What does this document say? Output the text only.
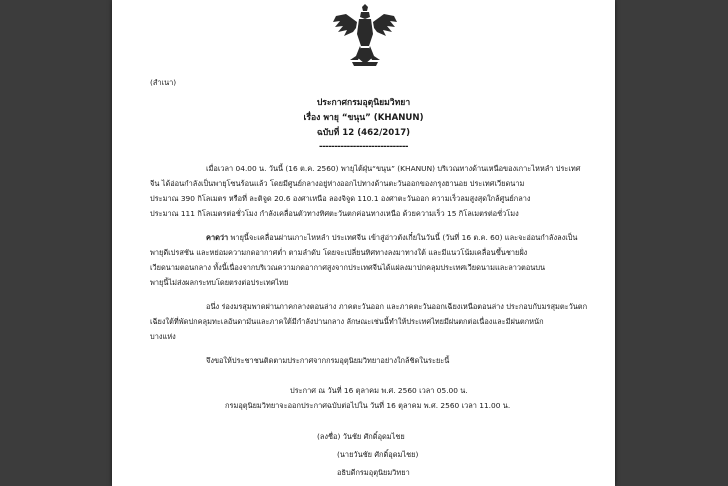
(สำเนา)
ประกาศกรมอุตุนิยมวิทยา
เรื่อง พายุ “ขนุน” (KHANUN)
ฉบับที่ 12 (462/2017)
-----------------------------
เมื่อเวลา 04.00 น. วันนี้ (16 ต.ค. 2560) พายุไต้ฝุ่น“ขนุน” (KHANUN) บริเวณทางด้านเหนือของเกาะไหหลำ ประเทศ
จีน ได้อ่อนกำลังเป็นพายุโซนร้อนแล้ว โดยมีศูนย์กลางอยู่ห่างออกไปทางด้านตะวันออกของกรุงฮานอย ประเทศเวียดนาม
ประมาณ 390 กิโลเมตร หรือที่ ละติจูด 20.6 องศาเหนือ ลองจิจูด 110.1 องศาตะวันออก ความเร็วลมสูงสุดใกล้ศูนย์กลาง
ประมาณ 111 กิโลเมตรต่อชั่วโมง กำลังเคลื่อนตัวทางทิศตะวันตกค่อนทางเหนือ ด้วยความเร็ว 15 กิโลเมตรต่อชั่วโมง
คาดว่า พายุนี้จะเคลื่อนผ่านเกาะไหหลำ ประเทศจีน เข้าสู่อ่าวตังเกี๋ยในวันนี้ (วันที่ 16 ต.ค. 60) และจะอ่อนกำลังลงเป็น
พายุดีเปรสชัน และหย่อมความกดอากาศต่ำ ตามลำดับ โดยจะเปลี่ยนทิศทางลงมาทางใต้ และมีแนวโน้มเคลื่อนขึ้นชายฝั่ง
เวียดนามตอนกลาง ทั้งนี้เนื่องจากบริเวณความกดอากาศสูงจากประเทศจีนได้แผ่ลงมาปกคลุมประเทศเวียดนามและลาวตอนบน
พายุนี้ไม่ส่งผลกระทบโดยตรงต่อประเทศไทย
อนึ่ง ร่องมรสุมพาดผ่านภาคกลางตอนล่าง ภาคตะวันออก และภาคตะวันออกเฉียงเหนือตอนล่าง ประกอบกับมรสุมตะวันตก
เฉียงใต้ที่พัดปกคลุมทะเลอันดามันและภาคใต้มีกำลังปานกลาง ลักษณะเช่นนี้ทำให้ประเทศไทยมีฝนตกต่อเนื่องและมีฝนตกหนัก
บางแห่ง
จึงขอให้ประชาชนติดตามประกาศจากกรมอุตุนิยมวิทยาอย่างใกล้ชิดในระยะนี้
ประกาศ ณ วันที่ 16 ตุลาคม พ.ศ. 2560 เวลา 05.00 น.
กรมอุตุนิยมวิทยาจะออกประกาศฉบับต่อไปใน วันที่ 16 ตุลาคม พ.ศ. 2560 เวลา 11.00 น.
(ลงชื่อ) วันชัย ศักดิ์อุดมไชย
(นายวันชัย ศักดิ์อุดมไชย)
อธิบดีกรมอุตุนิยมวิทยา
